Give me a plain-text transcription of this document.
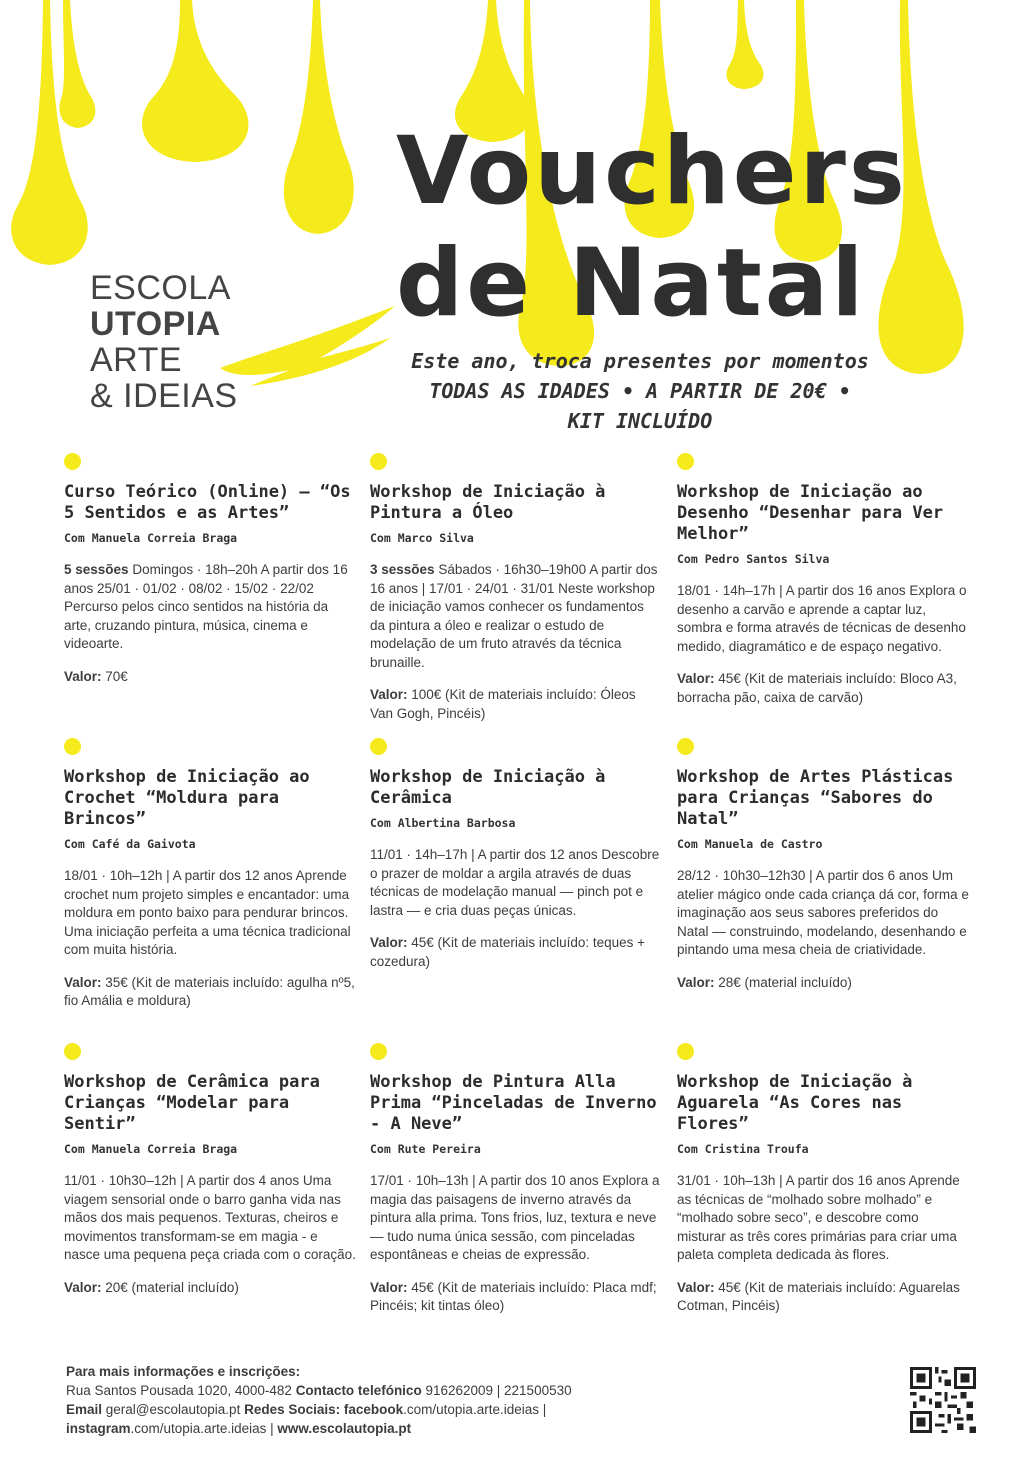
ESCOLA
UTOPIA
ARTE
& IDEIAS
Vouchers
de Natal
Este ano, troca presentes por momentos
TODAS AS IDADES • A PARTIR DE 20€ •
KIT INCLUÍDO
Curso Teórico (Online) — “Os 5 Sentidos e as Artes”
Com Manuela Correia Braga
5 sessões Domingos · 18h–20h A partir dos 16 anos 25/01 · 01/02 · 08/02 · 15/02 · 22/02 Percurso pelos cinco sentidos na história da arte, cruzando pintura, música, cinema e videoarte.
Valor: 70€
Workshop de Iniciação à Pintura a Óleo
Com Marco Silva
3 sessões Sábados · 16h30–19h00 A partir dos 16 anos | 17/01 · 24/01 · 31/01 Neste workshop de iniciação vamos conhecer os fundamentos da pintura a óleo e realizar o estudo de modelação de um fruto através da técnica brunaille.
Valor: 100€ (Kit de materiais incluído: Óleos Van Gogh, Pincéis)
Workshop de Iniciação ao Desenho “Desenhar para Ver Melhor”
Com Pedro Santos Silva
18/01 · 14h–17h | A partir dos 16 anos Explora o desenho a carvão e aprende a captar luz, sombra e forma através de técnicas de desenho medido, diagramático e de espaço negativo.
Valor: 45€ (Kit de materiais incluído: Bloco A3, borracha pão, caixa de carvão)
Workshop de Iniciação ao Crochet “Moldura para Brincos”
Com Café da Gaivota
18/01 · 10h–12h | A partir dos 12 anos Aprende crochet num projeto simples e encantador: uma moldura em ponto baixo para pendurar brincos. Uma iniciação perfeita a uma técnica tradicional com muita história.
Valor: 35€ (Kit de materiais incluído: agulha nº5, fio Amália e moldura)
Workshop de Iniciação à Cerâmica
Com Albertina Barbosa
11/01 · 14h–17h | A partir dos 12 anos Descobre o prazer de moldar a argila através de duas técnicas de modelação manual — pinch pot e lastra — e cria duas peças únicas.
Valor: 45€ (Kit de materiais incluído: teques + cozedura)
Workshop de Artes Plásticas para Crianças “Sabores do Natal”
Com Manuela de Castro
28/12 · 10h30–12h30 | A partir dos 6 anos Um atelier mágico onde cada criança dá cor, forma e imaginação aos seus sabores preferidos do Natal — construindo, modelando, desenhando e pintando uma mesa cheia de criatividade.
Valor: 28€ (material incluído)
Workshop de Cerâmica para Crianças “Modelar para Sentir”
Com Manuela Correia Braga
11/01 · 10h30–12h | A partir dos 4 anos Uma viagem sensorial onde o barro ganha vida nas mãos dos mais pequenos. Texturas, cheiros e movimentos transformam-se em magia - e nasce uma pequena peça criada com o coração.
Valor: 20€ (material incluído)
Workshop de Pintura Alla Prima “Pinceladas de Inverno - A Neve”
Com Rute Pereira
17/01 · 10h–13h | A partir dos 10 anos Explora a magia das paisagens de inverno através da pintura alla prima. Tons frios, luz, textura e neve — tudo numa única sessão, com pinceladas espontâneas e cheias de expressão.
Valor: 45€ (Kit de materiais incluído: Placa mdf; Pincéis; kit tintas óleo)
Workshop de Iniciação à Aguarela “As Cores nas Flores”
Com Cristina Troufa
31/01 · 10h–13h | A partir dos 16 anos Aprende as técnicas de “molhado sobre molhado” e “molhado sobre seco”, e descobre como misturar as três cores primárias para criar uma paleta completa dedicada às flores.
Valor: 45€ (Kit de materiais incluído: Aguarelas Cotman, Pincéis)
Para mais informações e inscrições:
Rua Santos Pousada 1020, 4000-482 Contacto telefónico 916262009 | 221500530
Email geral@escolautopia.pt Redes Sociais: facebook.com/utopia.arte.ideias |
instagram.com/utopia.arte.ideias | www.escolautopia.pt
